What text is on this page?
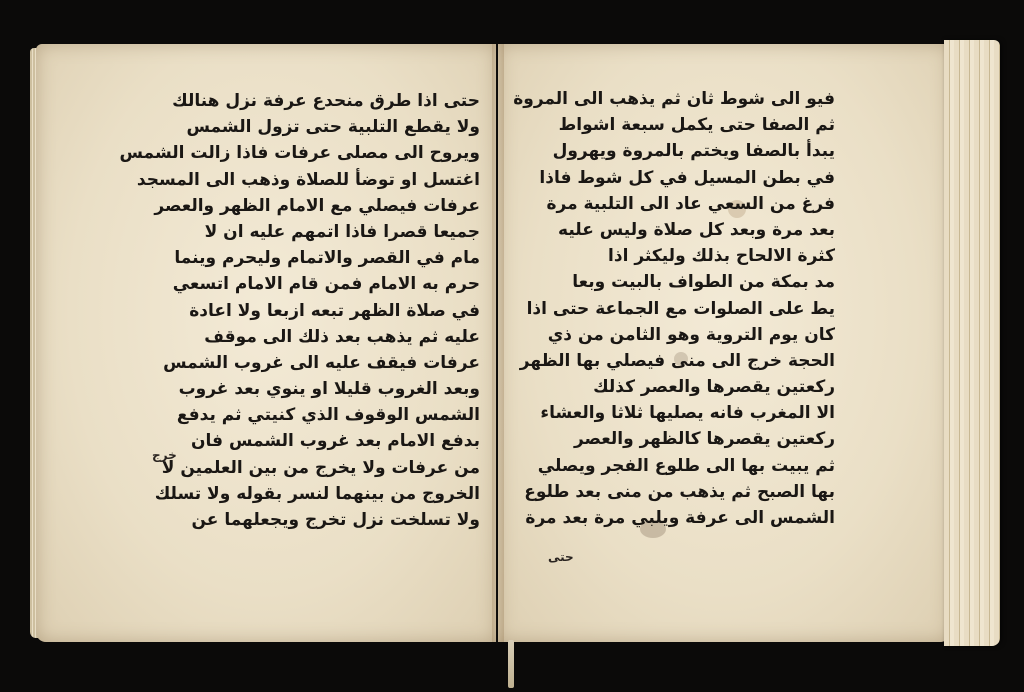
حتى اذا طرق منحدع عرفة نزل هنالك
ولا يقطع التلبية حتى تزول الشمس
ويروح الى مصلى عرفات فاذا زالت الشمس
اغتسل او توضأ للصلاة وذهب الى المسجد
عرفات فيصلي مع الامام الظهر والعصر
جميعا قصرا فاذا اتمهم عليه ان لا
مام في القصر والاتمام وليحرم وينما
حرم به الامام فمن قام الامام اتسعي
في صلاة الظهر تبعه ازبعا ولا اعادة
عليه ثم يذهب بعد ذلك الى موقف
عرفات فيقف عليه الى غروب الشمس
وبعد الغروب قليلا او ينوي بعد غروب
الشمس الوقوف الذي كنيتي ثم يدفع
بدفع الامام بعد غروب الشمس فان
من عرفات ولا يخرج من بين العلمين لا
الخروج من بينهما لنسر بقوله ولا تسلك
ولا تسلخت نزل تخرج ويجعلهما عن
فيو الى شوط ثان ثم يذهب الى المروة
ثم الصفا حتى يكمل سبعة اشواط
يبدأ بالصفا ويختم بالمروة ويهرول
في بطن المسيل في كل شوط فاذا
فرغ من السعي عاد الى التلبية مرة
بعد مرة وبعد كل صلاة وليس عليه
كثرة الالحاح بذلك وليكثر اذا
مد بمكة من الطواف بالبيت وبعا
يط على الصلوات مع الجماعة حتى اذا
كان يوم التروية وهو الثامن من ذي
الحجة خرج الى منى فيصلي بها الظهر
ركعتين يقصرها والعصر كذلك
الا المغرب فانه يصليها ثلاثا والعشاء
ركعتين يقصرها كالظهر والعصر
ثم يبيت بها الى طلوع الفجر ويصلي
بها الصبح ثم يذهب من منى بعد طلوع
الشمس الى عرفة ويلبي مرة بعد مرة
خرج
حتى
